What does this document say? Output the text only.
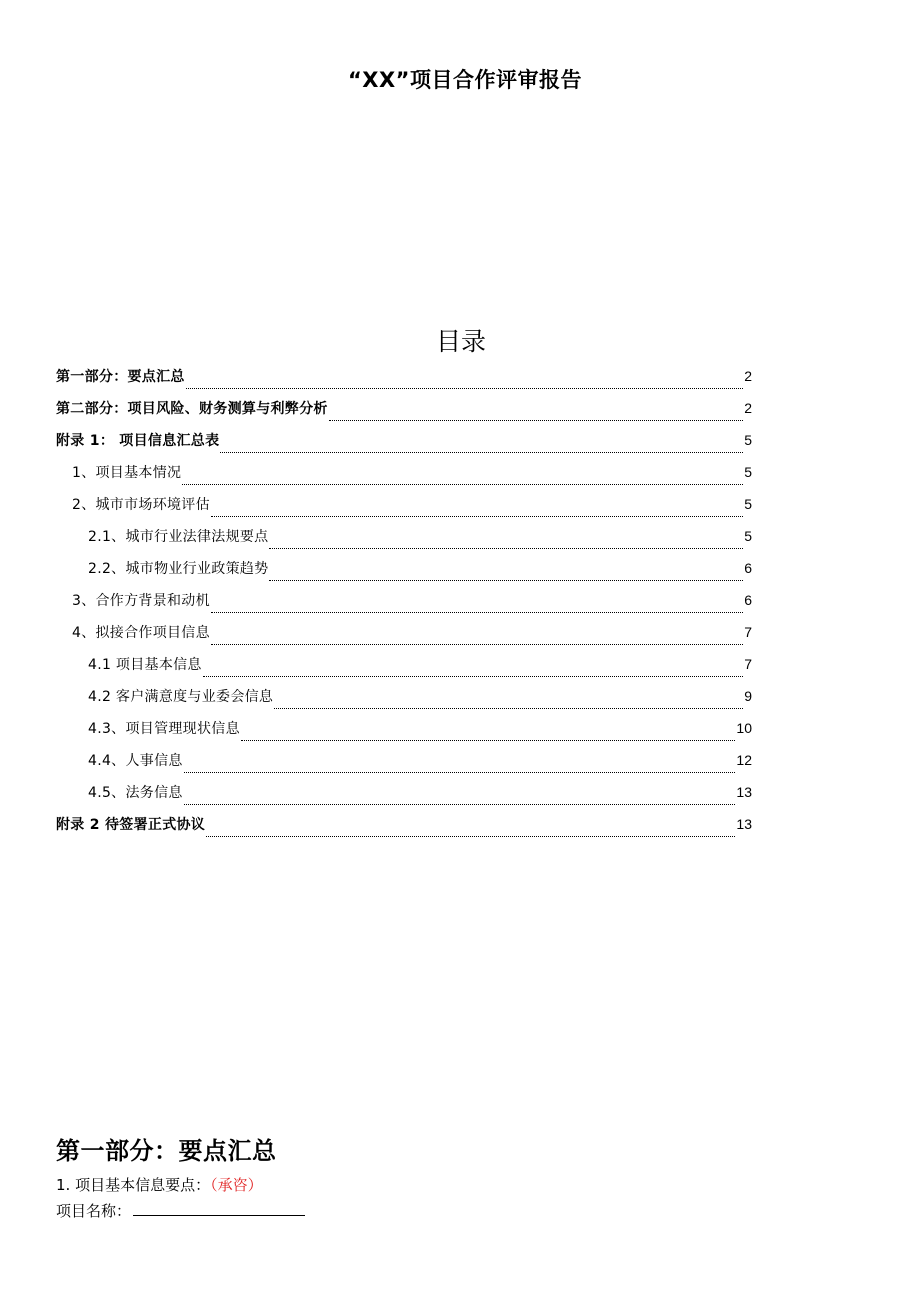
“XX”项目合作评审报告
目录
第一部分：要点汇总	2
第二部分：项目风险、财务测算与利弊分析	2
附录 1： 项目信息汇总表	5
1、项目基本情况	5
2、城市市场环境评估	5
2.1、城市行业法律法规要点	5
2.2、城市物业行业政策趋势	6
3、合作方背景和动机	6
4、拟接合作项目信息	7
4.1 项目基本信息	7
4.2 客户满意度与业委会信息	9
4.3、项目管理现状信息	10
4.4、人事信息	12
4.5、法务信息	13
附录 2 待签署正式协议	13
第一部分：要点汇总
1. 项目基本信息要点：（承咨）
项目名称：
